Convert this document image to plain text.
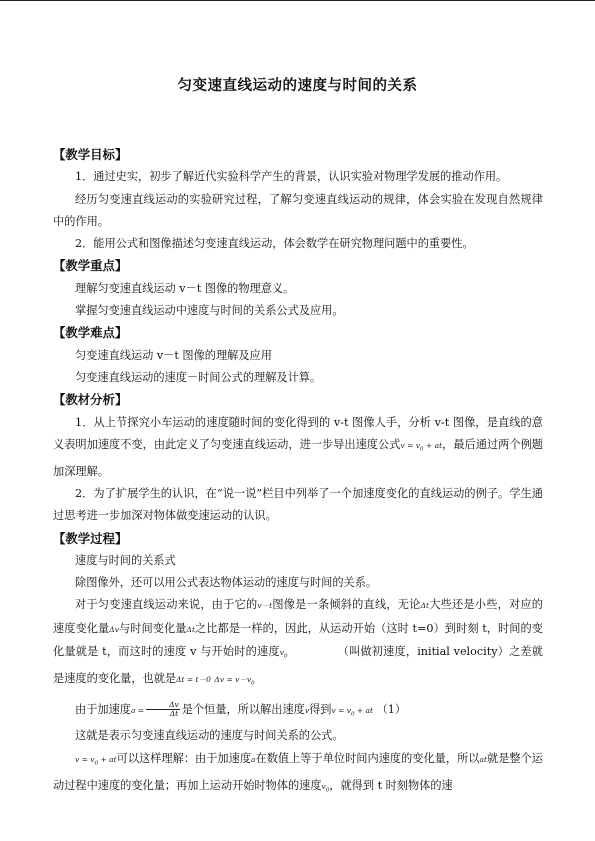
匀变速直线运动的速度与时间的关系

【教学目标】

1．通过史实，初步了解近代实验科学产生的背景，认识实验对物理学发展的推动作用。

经历匀变速直线运动的实验研究过程，了解匀变速直线运动的规律，体会实验在发现自然规律中的作用。

2．能用公式和图像描述匀变速直线运动，体会数学在研究物理问题中的重要性。

【教学重点】

理解匀变速直线运动 v－t 图像的物理意义。

掌握匀变速直线运动中速度与时间的关系公式及应用。

【教学难点】

匀变速直线运动 v－t 图像的理解及应用

匀变速直线运动的速度－时间公式的理解及计算。

【教材分析】

1．从上节探究小车运动的速度随时间的变化得到的 v-t 图像人手，分析 v-t 图像，是直线的意义表明加速度不变，由此定义了匀变速直线运动，进一步导出速度公式$v = v_0$ + at，最后通过两个例题加深理解。

2．为了扩展学生的认识，在“说一说”栏目中列举了一个加速度变化的直线运动的例子。学生通过思考进一步加深对物体做变速运动的认识。

【教学过程】

速度与时间的关系式

除图像外，还可以用公式表达物体运动的速度与时间的关系。

对于匀变速直线运动来说，由于它的v－t图像是一条倾斜的直线，无论Δt大些还是小些，对应的速度变化量Δv与时间变化量Δt之比都是一样的，因此，从运动开始（这时 t=0）到时刻 t，时间的变化量就是 t，而这时的速度 v 与开始时的速度$v_0$	（叫做初速度，initial velocity）之差就是速度的变化量，也就是Δt = t－0 $\Delta v = v-v_0$

由于加速度$a = \frac{\Delta v}{\Delta t}$ 是个恒量，所以解出速度v得到$v = v_0$ + at （1）

这就是表示匀变速直线运动的速度与时间关系的公式。

$v = v_0$ + at可以这样理解：由于加速度a在数值上等于单位时间内速度的变化量，所以at就是整个运动过程中速度的变化量；再加上运动开始时物体的速度$v_0$，就得到 t 时刻物体的速
